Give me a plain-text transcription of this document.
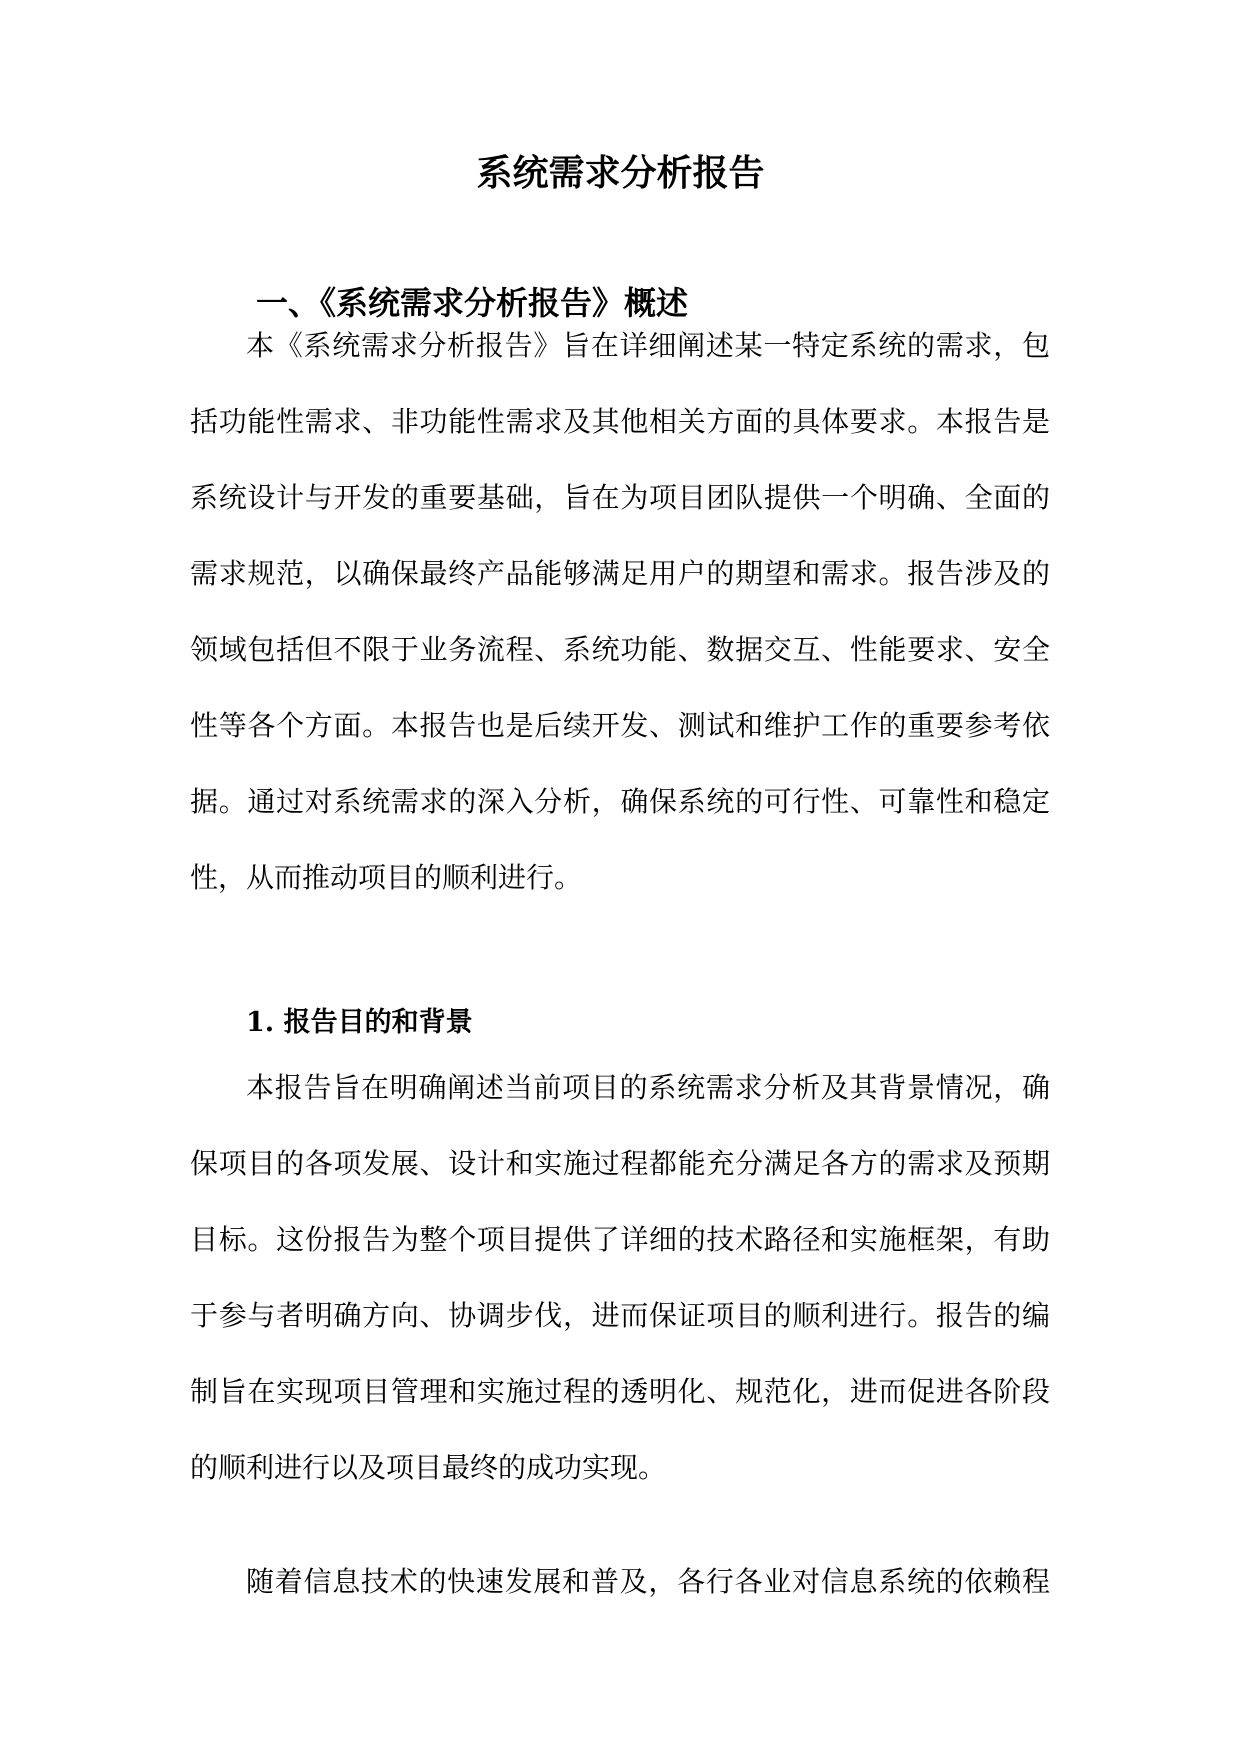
系统需求分析报告
一、《系统需求分析报告》概述
本《系统需求分析报告》旨在详细阐述某一特定系统的需求，包
括功能性需求、非功能性需求及其他相关方面的具体要求。本报告是
系统设计与开发的重要基础，旨在为项目团队提供一个明确、全面的
需求规范，以确保最终产品能够满足用户的期望和需求。报告涉及的
领域包括但不限于业务流程、系统功能、数据交互、性能要求、安全
性等各个方面。本报告也是后续开发、测试和维护工作的重要参考依
据。通过对系统需求的深入分析，确保系统的可行性、可靠性和稳定
性，从而推动项目的顺利进行。
1. 报告目的和背景
本报告旨在明确阐述当前项目的系统需求分析及其背景情况，确
保项目的各项发展、设计和实施过程都能充分满足各方的需求及预期
目标。这份报告为整个项目提供了详细的技术路径和实施框架，有助
于参与者明确方向、协调步伐，进而保证项目的顺利进行。报告的编
制旨在实现项目管理和实施过程的透明化、规范化，进而促进各阶段
的顺利进行以及项目最终的成功实现。
随着信息技术的快速发展和普及，各行各业对信息系统的依赖程
